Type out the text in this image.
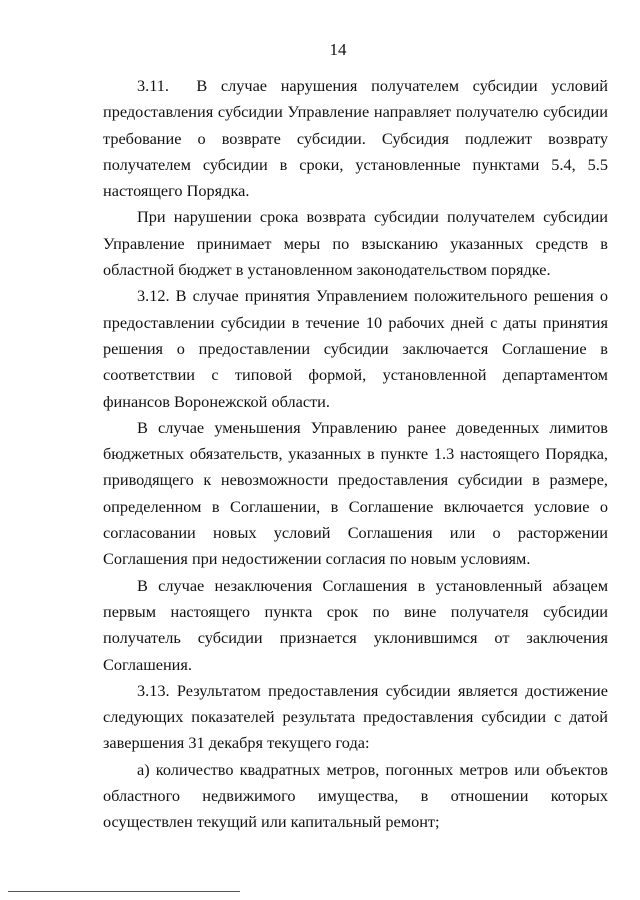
14

3.11.  В случае нарушения получателем субсидии условий предоставления субсидии Управление направляет получателю субсидии требование о возврате субсидии. Субсидия подлежит возврату получателем субсидии в сроки, установленные пунктами 5.4, 5.5 настоящего Порядка.

При нарушении срока возврата субсидии получателем субсидии Управление принимает меры по взысканию указанных средств в областной бюджет в установленном законодательством порядке.

3.12. В случае принятия Управлением положительного решения о предоставлении субсидии в течение 10 рабочих дней с даты принятия решения о предоставлении субсидии заключается Соглашение в соответствии с типовой формой, установленной департаментом финансов Воронежской области.

В случае уменьшения Управлению ранее доведенных лимитов бюджетных обязательств, указанных в пункте 1.3 настоящего Порядка, приводящего к невозможности предоставления субсидии в размере, определенном в Соглашении, в Соглашение включается условие о согласовании новых условий Соглашения или о расторжении Соглашения при недостижении согласия по новым условиям.

В случае незаключения Соглашения в установленный абзацем первым настоящего пункта срок по вине получателя субсидии получатель субсидии признается уклонившимся от заключения Соглашения.

3.13. Результатом предоставления субсидии является достижение следующих показателей результата предоставления субсидии с датой завершения 31 декабря текущего года:

а) количество квадратных метров, погонных метров или объектов областного недвижимого имущества, в отношении которых осуществлен текущий или капитальный ремонт;
